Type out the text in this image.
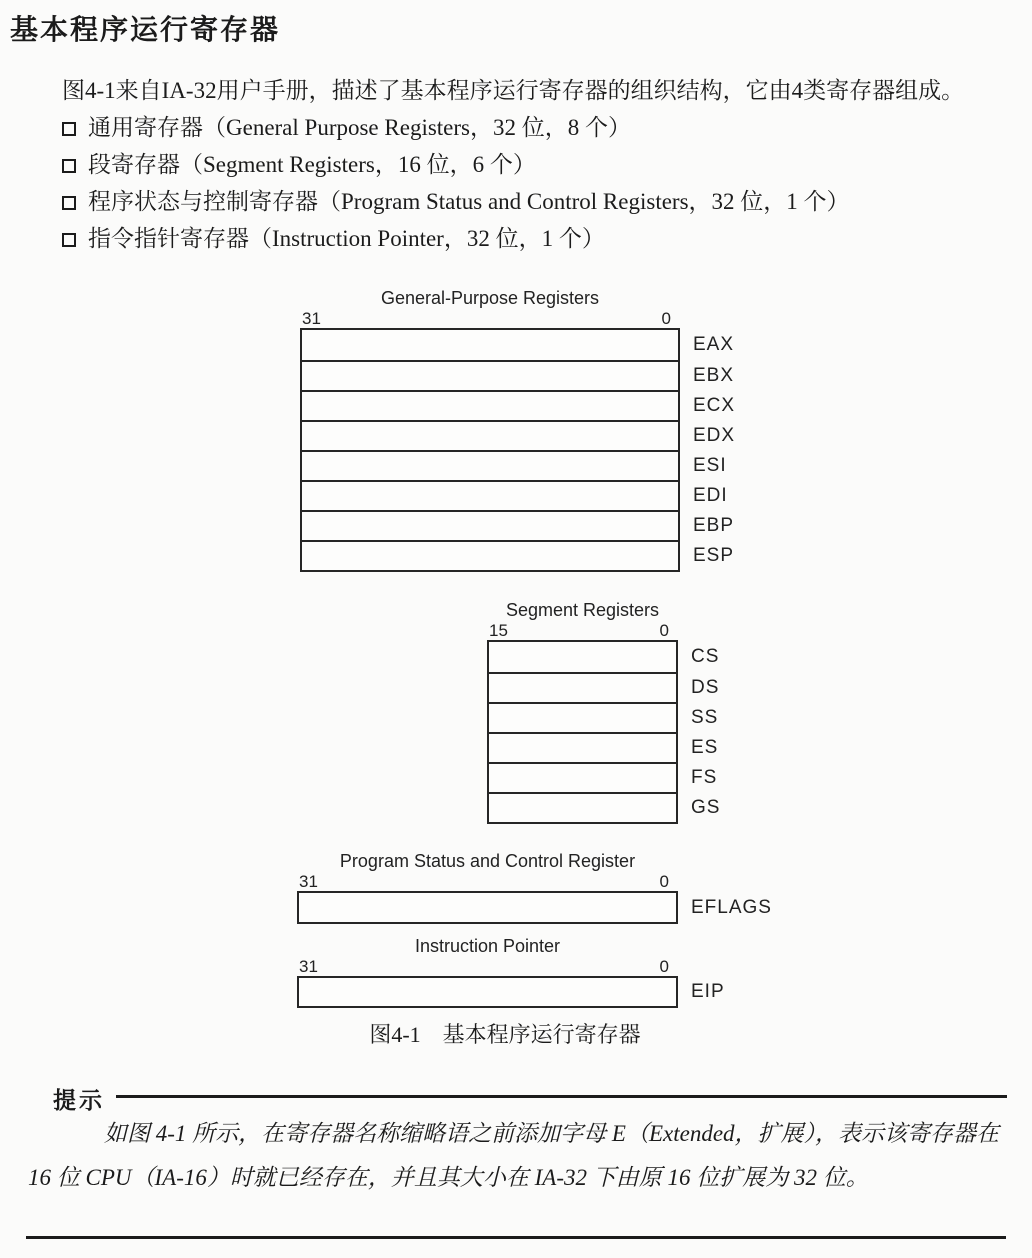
基本程序运行寄存器

图4-1来自IA-32用户手册，描述了基本程序运行寄存器的组织结构，它由4类寄存器组成。

通用寄存器（General Purpose Registers，32 位，8 个）
段寄存器（Segment Registers，16 位，6 个）
程序状态与控制寄存器（Program Status and Control Registers，32 位，1 个）
指令指针寄存器（Instruction Pointer，32 位，1 个）
General-Purpose Registers
31	0
EAX
EBX
ECX
EDX
ESI
EDI
EBP
ESP
Segment Registers
15	0
CS
DS
SS
ES
FS
GS
Program Status and Control Register
31	0
EFLAGS
Instruction Pointer
31	0
EIP
图4-1　基本程序运行寄存器
提示

如图 4-1 所示，在寄存器名称缩略语之前添加字母 E（Extended，扩展），表示该寄存器在 16 位 CPU（IA-16）时就已经存在，并且其大小在 IA-32 下由原 16 位扩展为 32 位。
